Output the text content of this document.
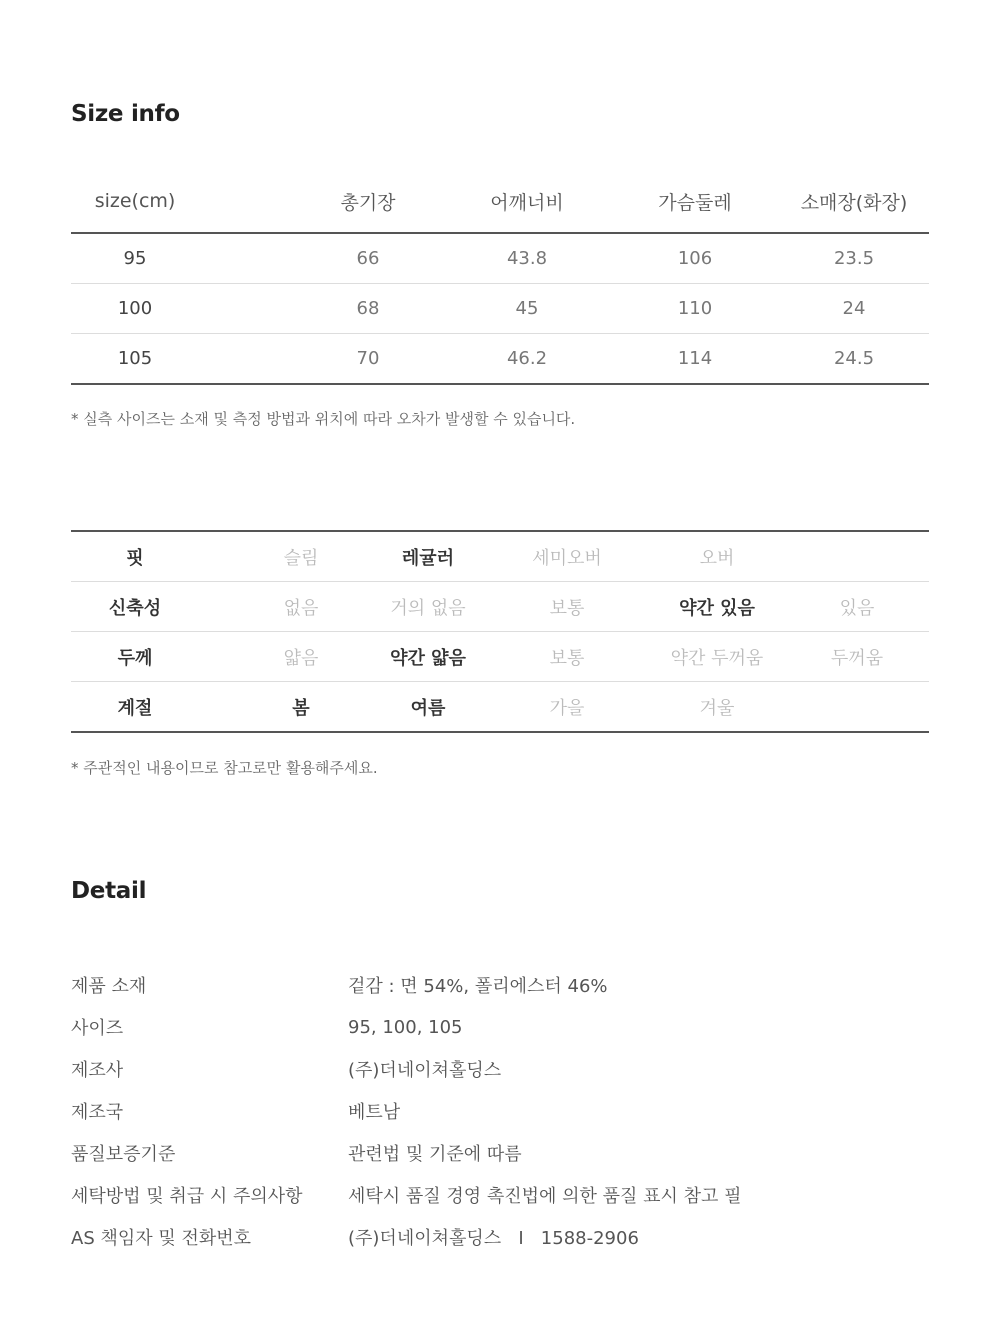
Size info
size(cm)	총기장	어깨너비	가슴둘레	소매장(화장)
95	66	43.8	106	23.5
100	68	45	110	24
105	70	46.2	114	24.5

* 실측 사이즈는 소재 및 측정 방법과 위치에 따라 오차가 발생할 수 있습니다.

핏	슬림	레귤러	세미오버	오버
신축성	없음	거의 없음	보통	약간 있음	있음
두께	얇음	약간 얇음	보통	약간 두꺼움	두꺼움
계절	봄	여름	가을	겨울

* 주관적인 내용이므로 참고로만 활용해주세요.

Detail
제품 소재	겉감 : 면 54%, 폴리에스터 46%
사이즈	95, 100, 105
제조사	(주)더네이쳐홀딩스
제조국	베트남
품질보증기준	관련법 및 기준에 따름
세탁방법 및 취급 시 주의사항	세탁시 품질 경영 촉진법에 의한 품질 표시 참고 필
AS 책임자 및 전화번호	(주)더네이쳐홀딩스   I   1588-2906
